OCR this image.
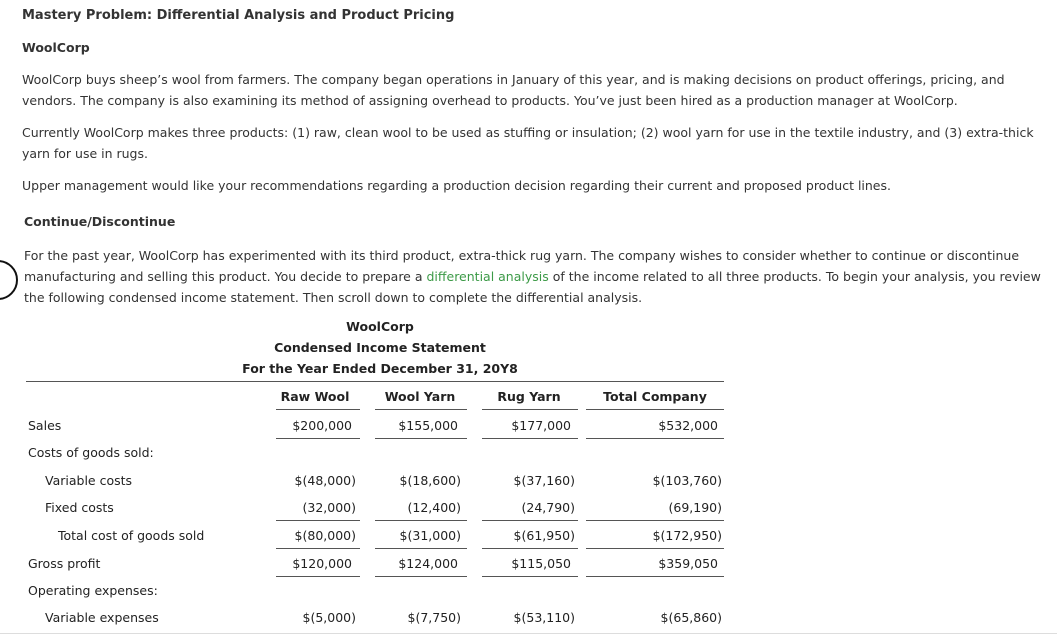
Mastery Problem: Differential Analysis and Product Pricing
WoolCorp
WoolCorp buys sheep’s wool from farmers. The company began operations in January of this year, and is making decisions on product offerings, pricing, and vendors. The company is also examining its method of assigning overhead to products. You’ve just been hired as a production manager at WoolCorp.
Currently WoolCorp makes three products: (1) raw, clean wool to be used as stuffing or insulation; (2) wool yarn for use in the textile industry, and (3) extra-thick yarn for use in rugs.
Upper management would like your recommendations regarding a production decision regarding their current and proposed product lines.
Continue/Discontinue
For the past year, WoolCorp has experimented with its third product, extra-thick rug yarn. The company wishes to consider whether to continue or discontinue manufacturing and selling this product. You decide to prepare a differential analysis of the income related to all three products. To begin your analysis, you review the following condensed income statement. Then scroll down to complete the differential analysis.
WoolCorp
Condensed Income Statement
For the Year Ended December 31, 20Y8
Raw Wool	Wool Yarn	Rug Yarn	Total Company
Sales	$200,000	$155,000	$177,000	$532,000
Costs of goods sold:
Variable costs	$(48,000)	$(18,600)	$(37,160)	$(103,760)
Fixed costs	(32,000)	(12,400)	(24,790)	(69,190)
Total cost of goods sold	$(80,000)	$(31,000)	$(61,950)	$(172,950)
Gross profit	$120,000	$124,000	$115,050	$359,050
Operating expenses:
Variable expenses	$(5,000)	$(7,750)	$(53,110)	$(65,860)
